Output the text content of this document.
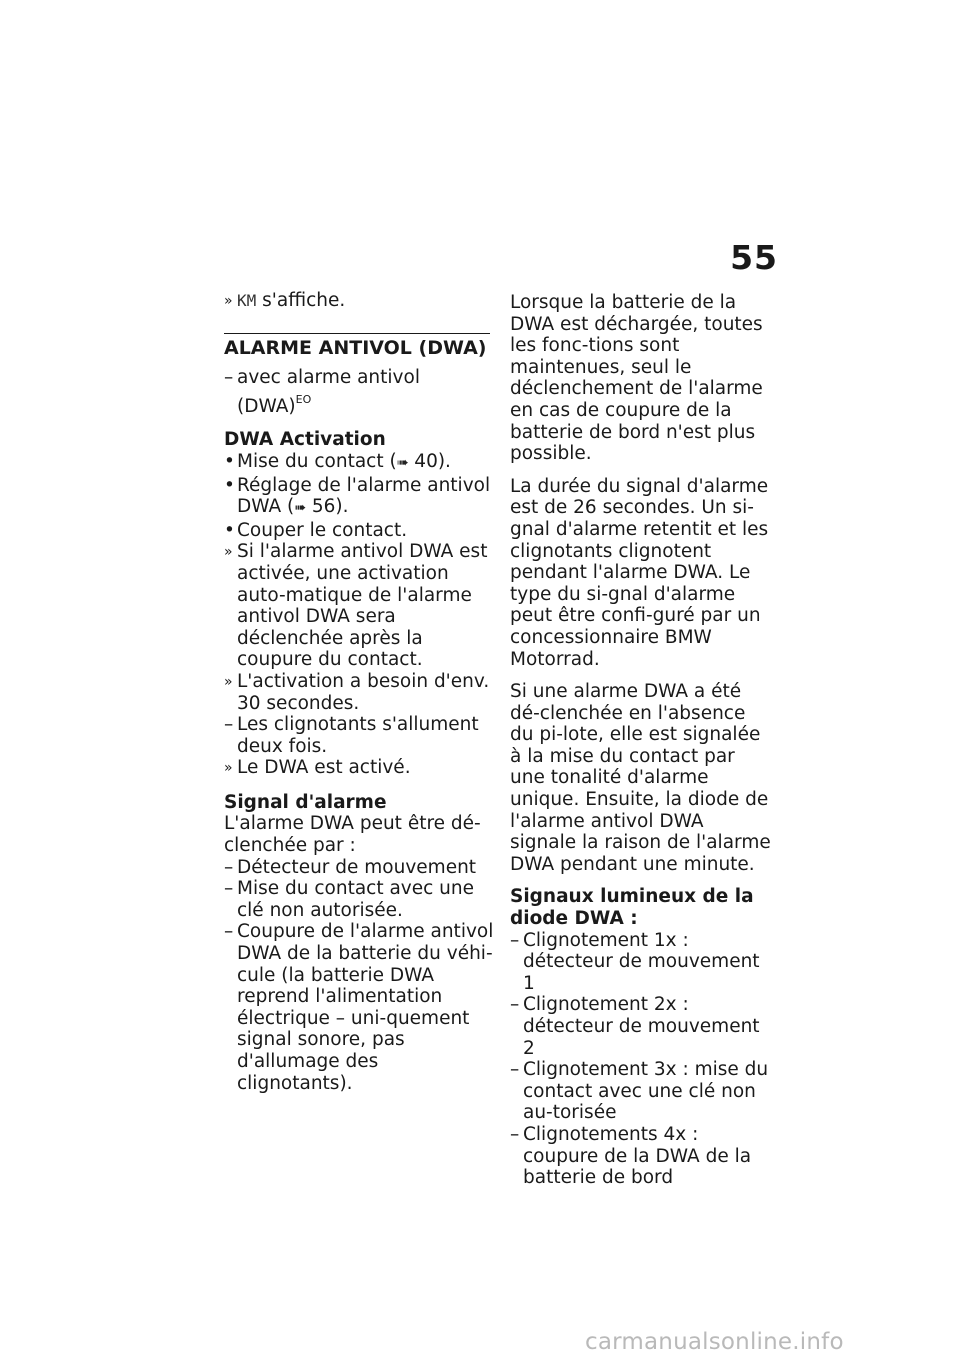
55
» KM s'affiche.
ALARME ANTIVOL (DWA)
– avec alarme antivol (DWA)$^{EO}$
DWA Activation
• Mise du contact (➠ 40).
• Réglage de l'alarme antivol DWA (➠ 56).
• Couper le contact.
» Si l'alarme antivol DWA est activée, une activation auto-matique de l'alarme antivol DWA sera déclenchée après la coupure du contact.
» L'activation a besoin d'env. 30 secondes.
– Les clignotants s'allument deux fois.
» Le DWA est activé.
Signal d'alarme
L'alarme DWA peut être dé-clenchée par :
– Détecteur de mouvement
– Mise du contact avec une clé non autorisée.
– Coupure de l'alarme antivol DWA de la batterie du véhi-cule (la batterie DWA reprend l'alimentation électrique – uni-quement signal sonore, pas d'allumage des clignotants).

Lorsque la batterie de la DWA est déchargée, toutes les fonc-tions sont maintenues, seul le déclenchement de l'alarme en cas de coupure de la batterie de bord n'est plus possible.

La durée du signal d'alarme est de 26 secondes. Un si-gnal d'alarme retentit et les clignotants clignotent pendant l'alarme DWA. Le type du si-gnal d'alarme peut être confi-guré par un concessionnaire BMW Motorrad.

Si une alarme DWA a été dé-clenchée en l'absence du pi-lote, elle est signalée à la mise du contact par une tonalité d'alarme unique. Ensuite, la diode de l'alarme antivol DWA signale la raison de l'alarme DWA pendant une minute.

Signaux lumineux de la diode DWA :
– Clignotement 1x : détecteur de mouvement 1
– Clignotement 2x : détecteur de mouvement 2
– Clignotement 3x : mise du contact avec une clé non au-torisée
– Clignotements 4x : coupure de la DWA de la batterie de bord
carmanualsonline.info
